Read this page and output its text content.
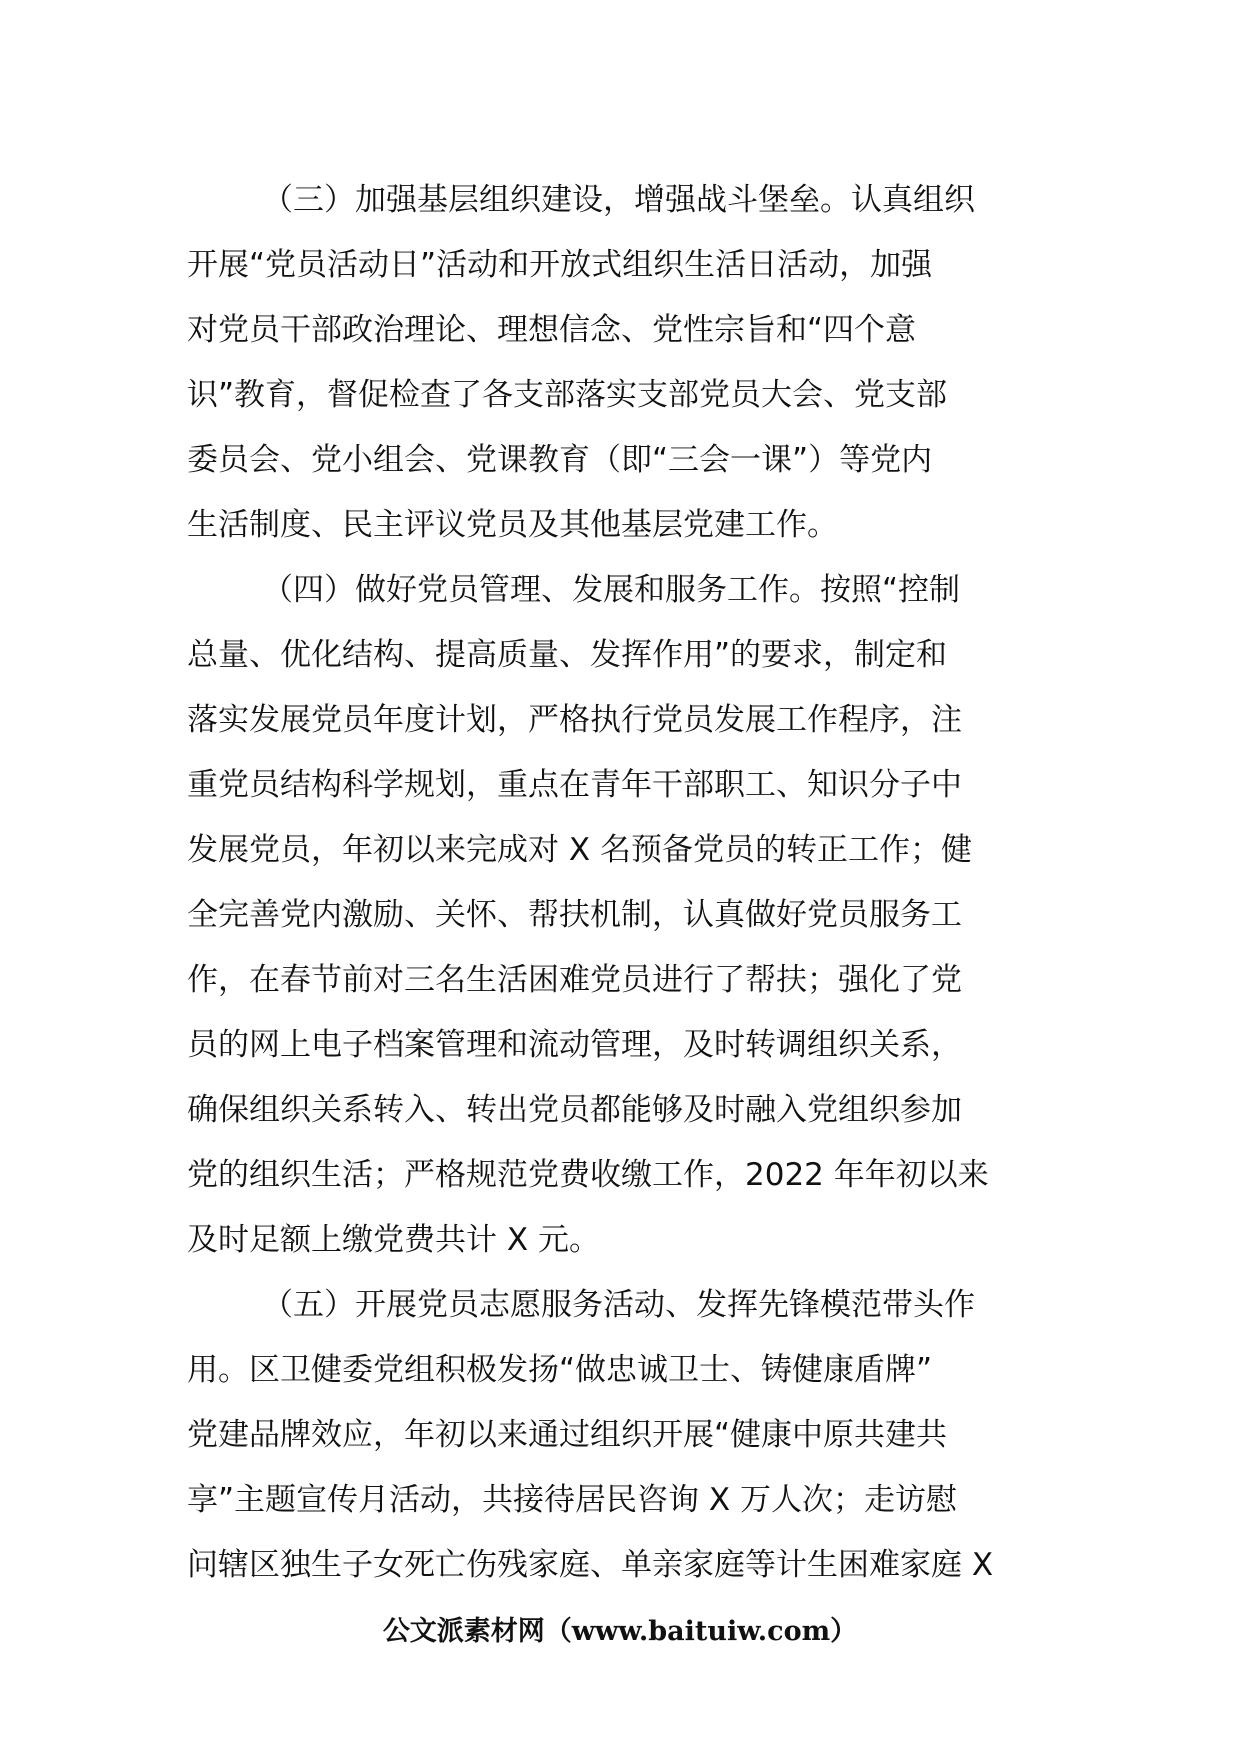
（三）加强基层组织建设，增强战斗堡垒。认真组织
开展“党员活动日”活动和开放式组织生活日活动，加强
对党员干部政治理论、理想信念、党性宗旨和“四个意
识”教育，督促检查了各支部落实支部党员大会、党支部
委员会、党小组会、党课教育（即“三会一课”）等党内
生活制度、民主评议党员及其他基层党建工作。
（四）做好党员管理、发展和服务工作。按照“控制
总量、优化结构、提高质量、发挥作用”的要求，制定和
落实发展党员年度计划，严格执行党员发展工作程序，注
重党员结构科学规划，重点在青年干部职工、知识分子中
发展党员，年初以来完成对 X 名预备党员的转正工作；健
全完善党内激励、关怀、帮扶机制，认真做好党员服务工
作，在春节前对三名生活困难党员进行了帮扶；强化了党
员的网上电子档案管理和流动管理，及时转调组织关系，
确保组织关系转入、转出党员都能够及时融入党组织参加
党的组织生活；严格规范党费收缴工作，2022 年年初以来
及时足额上缴党费共计 X 元。
（五）开展党员志愿服务活动、发挥先锋模范带头作
用。区卫健委党组积极发扬“做忠诚卫士、铸健康盾牌”
党建品牌效应，年初以来通过组织开展“健康中原共建共
享”主题宣传月活动，共接待居民咨询 X 万人次；走访慰
问辖区独生子女死亡伤残家庭、单亲家庭等计生困难家庭 X
公文派素材网（www.baituiw.com）
